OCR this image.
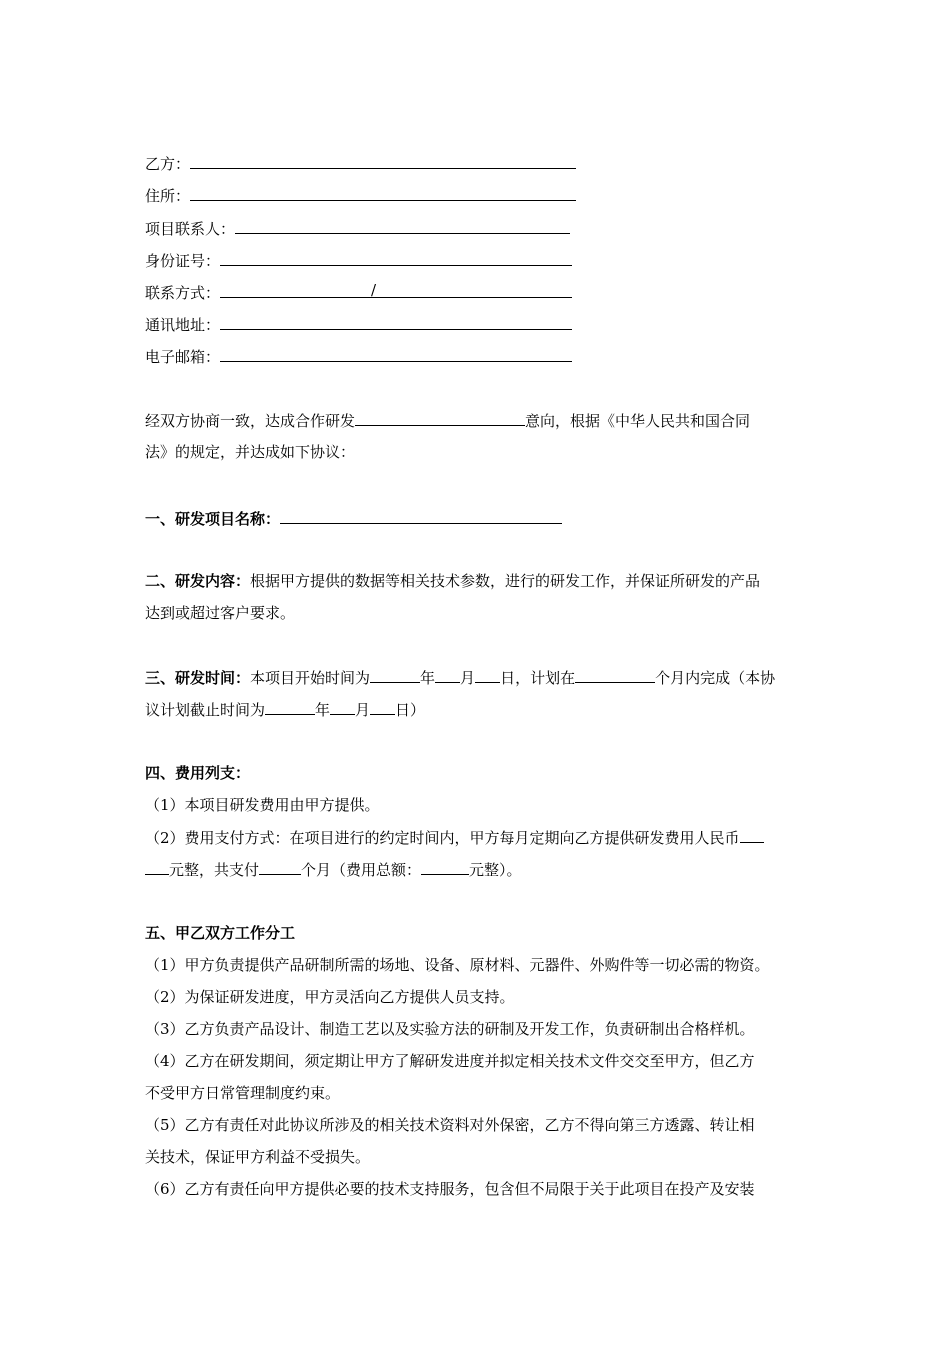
乙方：
住所：
项目联系人：
身份证号：
联系方式：	/
通讯地址：
电子邮箱：
经双方协商一致，达成合作研发	意向，根据《中华人民共和国合同
法》的规定，并达成如下协议：
一、研发项目名称：
二、研发内容：根据甲方提供的数据等相关技术参数，进行的研发工作，并保证所研发的产品
达到或超过客户要求。
三、研发时间：本项目开始时间为	年 月 日，计划在	个月内完成（本协
议计划截止时间为	年 月 日）
四、费用列支：
（1）本项目研发费用由甲方提供。
（2）费用支付方式：在项目进行的约定时间内，甲方每月定期向乙方提供研发费用人民币
元整，共支付	个月（费用总额：	元整）。
五、甲乙双方工作分工
（1）甲方负责提供产品研制所需的场地、设备、原材料、元器件、外购件等一切必需的物资。
（2）为保证研发进度，甲方灵活向乙方提供人员支持。
（3）乙方负责产品设计、制造工艺以及实验方法的研制及开发工作，负责研制出合格样机。
（4）乙方在研发期间，须定期让甲方了解研发进度并拟定相关技术文件交交至甲方，但乙方
不受甲方日常管理制度约束。
（5）乙方有责任对此协议所涉及的相关技术资料对外保密，乙方不得向第三方透露、转让相
关技术，保证甲方利益不受损失。
（6）乙方有责任向甲方提供必要的技术支持服务，包含但不局限于关于此项目在投产及安装
